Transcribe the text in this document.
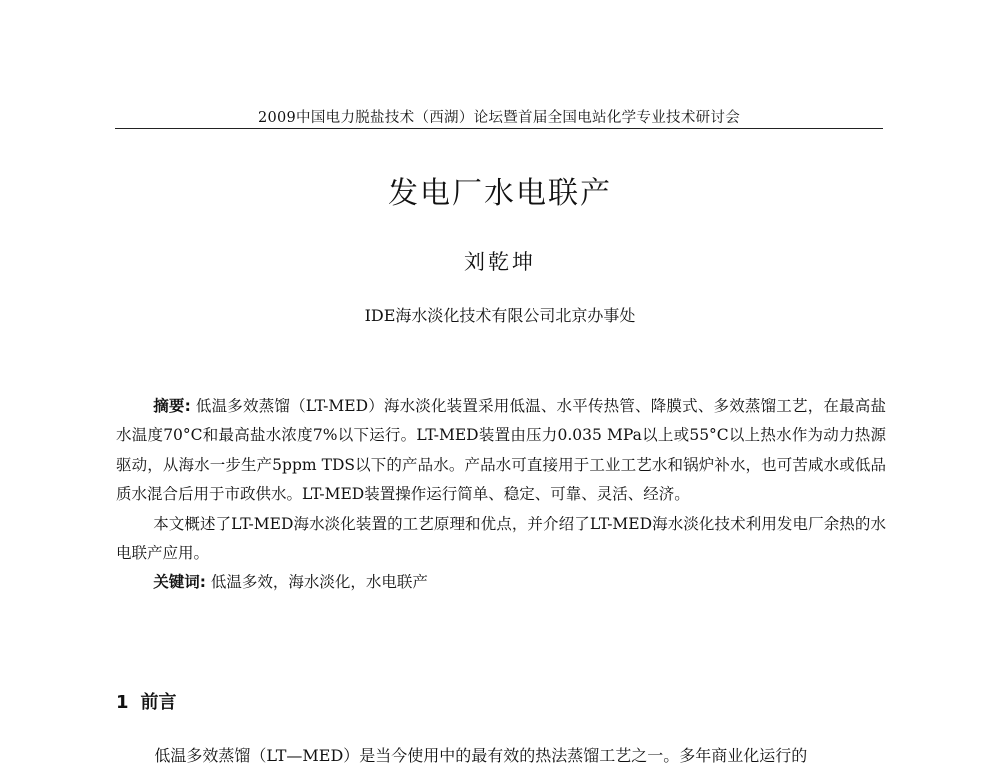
2009中国电力脱盐技术（西湖）论坛暨首届全国电站化学专业技术研讨会
发电厂水电联产
刘乾坤
IDE海水淡化技术有限公司北京办事处

摘要: 低温多效蒸馏（LT-MED）海水淡化装置采用低温、水平传热管、降膜式、多效蒸馏工艺，在最高盐水温度70°C和最高盐水浓度7%以下运行。LT-MED装置由压力0.035 MPa以上或55°C以上热水作为动力热源驱动，从海水一步生产5ppm TDS以下的产品水。产品水可直接用于工业工艺水和锅炉补水，也可苦咸水或低品质水混合后用于市政供水。LT-MED装置操作运行简单、稳定、可靠、灵活、经济。

本文概述了LT-MED海水淡化装置的工艺原理和优点，并介绍了LT-MED海水淡化技术利用发电厂余热的水电联产应用。

关键词: 低温多效，海水淡化，水电联产

1 前言
低温多效蒸馏（LT—MED）是当今使用中的最有效的热法蒸馏工艺之一。多年商业化运行的
